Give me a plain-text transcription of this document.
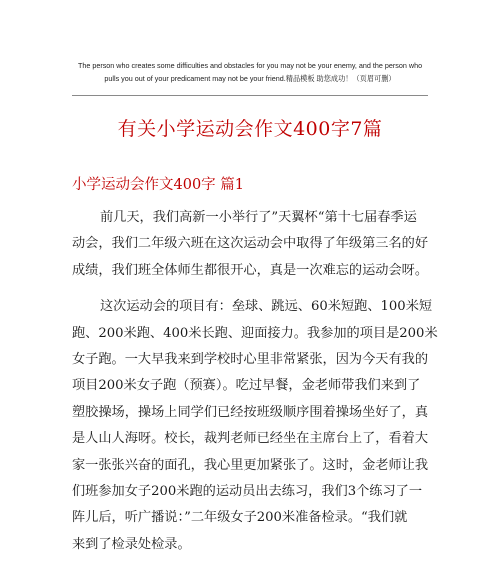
The person who creates some difficulties and obstacles for you may not be your enemy, and the person who
pulls you out of your predicament may not be your friend.精品模板 助您成功！（页眉可删）
有关小学运动会作文400字7篇
小学运动会作文400字 篇1
前几天，我们高新一小举行了”天翼杯“第十七届春季运
动会，我们二年级六班在这次运动会中取得了年级第三名的好
成绩，我们班全体师生都很开心，真是一次难忘的运动会呀。
这次运动会的项目有：垒球、跳远、60米短跑、100米短
跑、200米跑、400米长跑、迎面接力。我参加的项目是200米
女子跑。一大早我来到学校时心里非常紧张，因为今天有我的
项目200米女子跑（预赛）。吃过早餐，金老师带我们来到了
塑胶操场，操场上同学们已经按班级顺序围着操场坐好了，真
是人山人海呀。校长，裁判老师已经坐在主席台上了，看着大
家一张张兴奋的面孔，我心里更加紧张了。这时，金老师让我
们班参加女子200米跑的运动员出去练习，我们3个练习了一
阵儿后，听广播说：”二年级女子200米准备检录。“我们就
来到了检录处检录。
